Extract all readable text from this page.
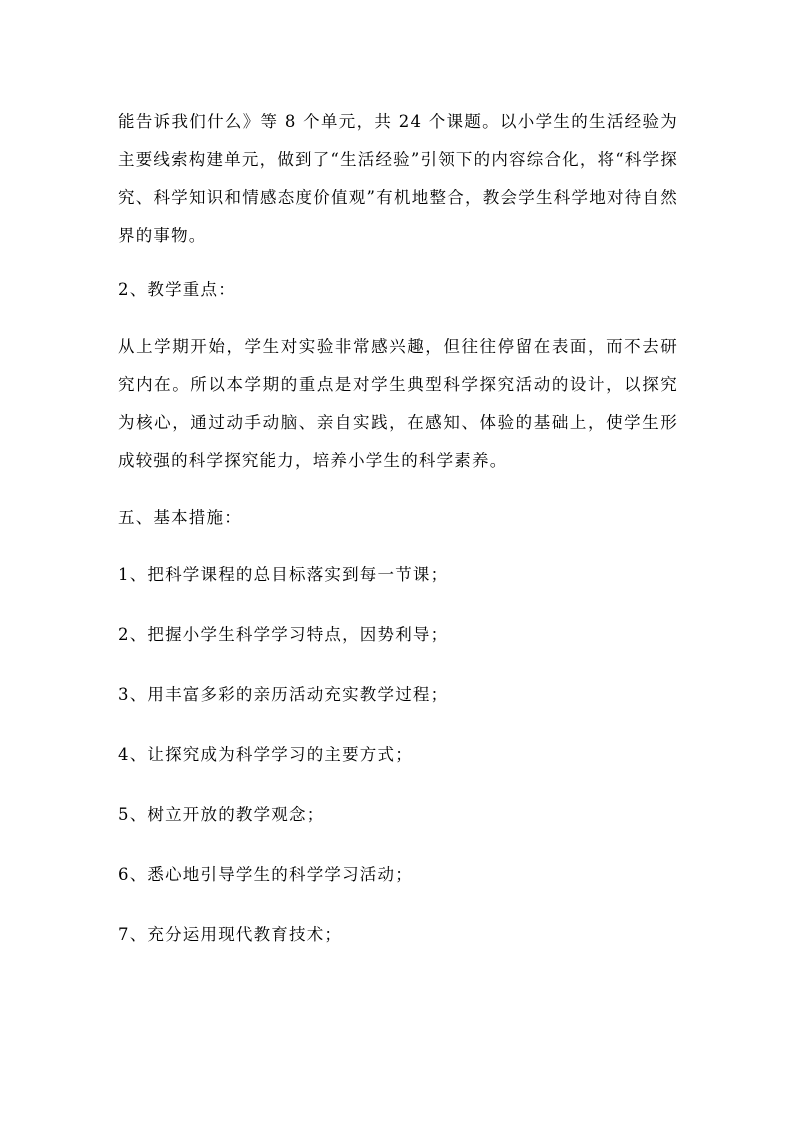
能告诉我们什么》等 8 个单元，共 24 个课题。以小学生的生活经验为主要线索构建单元，做到了“生活经验”引领下的内容综合化，将“科学探究、科学知识和情感态度价值观”有机地整合，教会学生科学地对待自然界的事物。

2、教学重点：

从上学期开始，学生对实验非常感兴趣，但往往停留在表面，而不去研究内在。所以本学期的重点是对学生典型科学探究活动的设计，以探究为核心，通过动手动脑、亲自实践，在感知、体验的基础上，使学生形成较强的科学探究能力，培养小学生的科学素养。

五、基本措施：

1、把科学课程的总目标落实到每一节课；

2、把握小学生科学学习特点，因势利导；

3、用丰富多彩的亲历活动充实教学过程；

4、让探究成为科学学习的主要方式；

5、树立开放的教学观念；

6、悉心地引导学生的科学学习活动；

7、充分运用现代教育技术；
